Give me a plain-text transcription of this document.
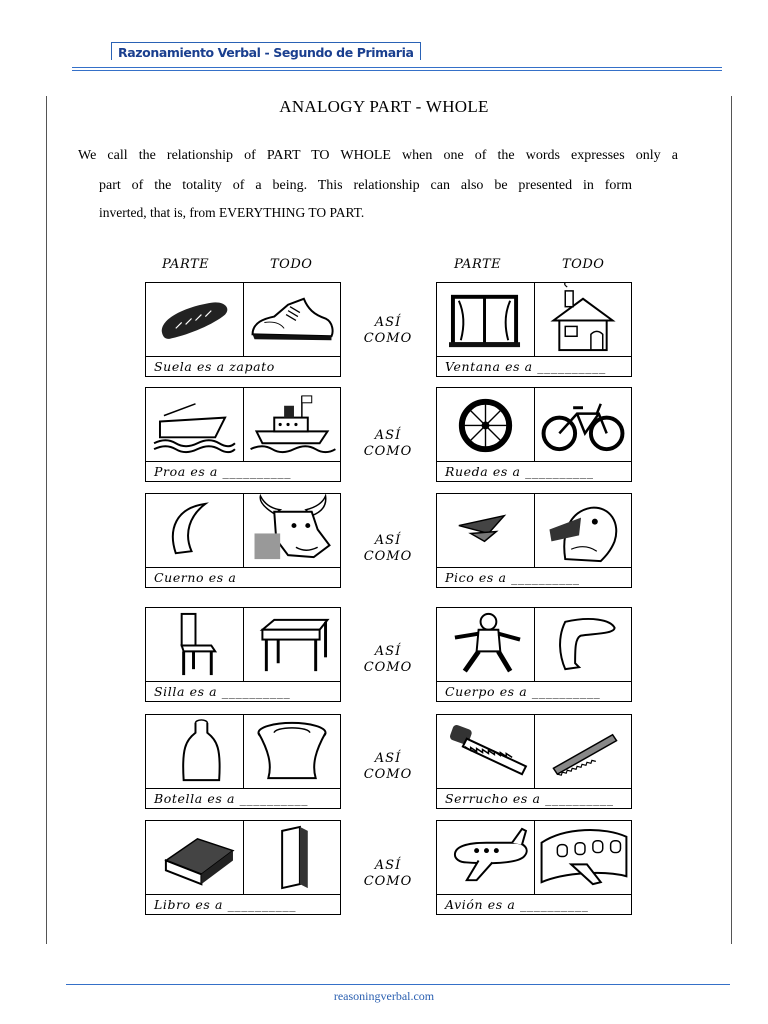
Razonamiento Verbal - Segundo de Primaria
ANALOGY PART - WHOLE
We call the relationship of PART TO WHOLE when one of the words expresses only a
part of the totality of a being. This relationship can also be presented in form
inverted, that is, from EVERYTHING TO PART.
PARTE	TODO	PARTE	TODO
Suela es a zapato
ASÍ
COMO
Ventana es a __________
Proa es a __________
ASÍ
COMO
Rueda es a __________
Cuerno es a
ASÍ
COMO
Pico es a __________
Silla es a __________
ASÍ
COMO
Cuerpo es a __________
Botella es a __________
ASÍ
COMO
Serrucho es a __________
Libro es a __________
ASÍ
COMO
Avión es a __________
reasoningverbal.com
